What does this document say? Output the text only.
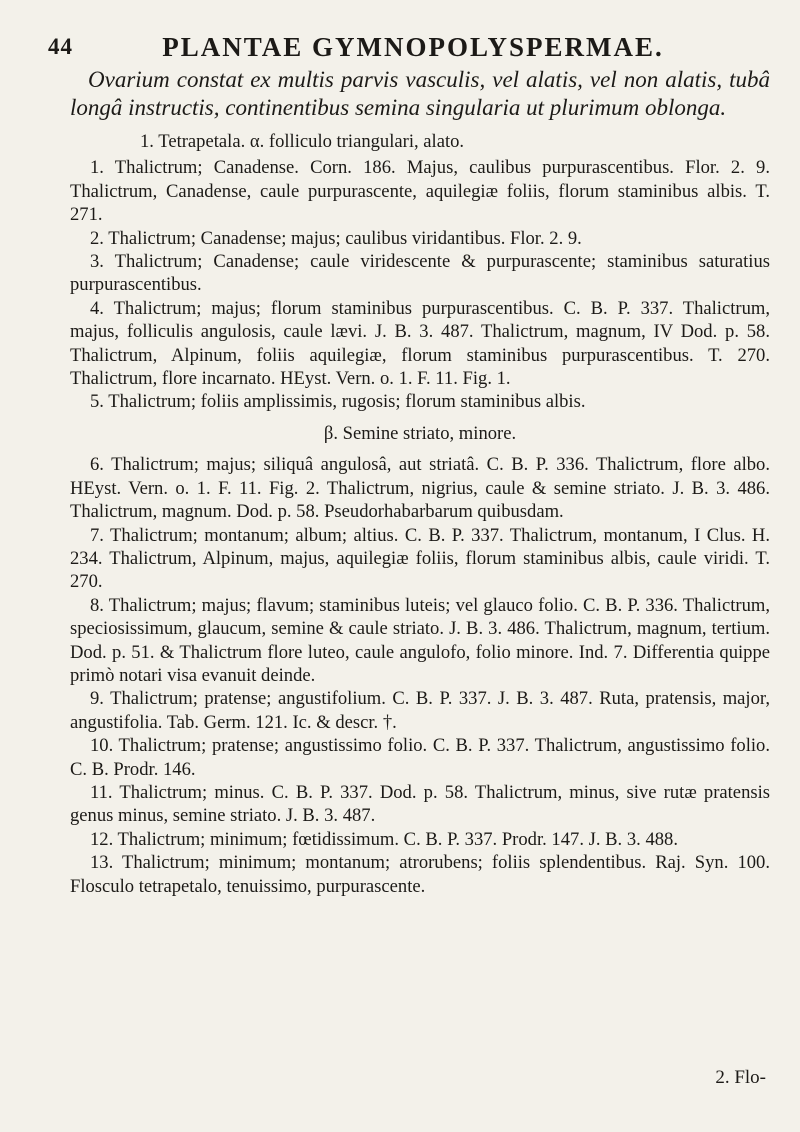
44	PLANTAE GYMNOPOLYSPERMAE.

Ovarium constat ex multis parvis vasculis, vel alatis, vel non alatis, tubâ longâ instructis, continentibus semina singularia ut plurimum oblonga.

1. Tetrapetala. α. folliculo triangulari, alato.

1. Thalictrum; Canadense. Corn. 186. Majus, caulibus purpurascentibus. Flor. 2. 9. Thalictrum, Canadense, caule purpurascente, aquilegiæ foliis, florum staminibus albis. T. 271.

2. Thalictrum; Canadense; majus; caulibus viridantibus. Flor. 2. 9.

3. Thalictrum; Canadense; caule viridescente & purpurascente; staminibus saturatius purpurascentibus.

4. Thalictrum; majus; florum staminibus purpurascentibus. C. B. P. 337. Thalictrum, majus, folliculis angulosis, caule lævi. J. B. 3. 487. Thalictrum, magnum, IV Dod. p. 58. Thalictrum, Alpinum, foliis aquilegiæ, florum staminibus purpurascentibus. T. 270. Thalictrum, flore incarnato. HEyst. Vern. o. 1. F. 11. Fig. 1.

5. Thalictrum; foliis amplissimis, rugosis; florum staminibus albis.

β. Semine striato, minore.

6. Thalictrum; majus; siliquâ angulosâ, aut striatâ. C. B. P. 336. Thalictrum, flore albo. HEyst. Vern. o. 1. F. 11. Fig. 2. Thalictrum, nigrius, caule & semine striato. J. B. 3. 486. Thalictrum, magnum. Dod. p. 58. Pseudorhabarbarum quibusdam.

7. Thalictrum; montanum; album; altius. C. B. P. 337. Thalictrum, montanum, I Clus. H. 234. Thalictrum, Alpinum, majus, aquilegiæ foliis, florum staminibus albis, caule viridi. T. 270.

8. Thalictrum; majus; flavum; staminibus luteis; vel glauco folio. C. B. P. 336. Thalictrum, speciosissimum, glaucum, semine & caule striato. J. B. 3. 486. Thalictrum, magnum, tertium. Dod. p. 51. & Thalictrum flore luteo, caule angulofo, folio minore. Ind. 7. Differentia quippe primò notari visa evanuit deinde.

9. Thalictrum; pratense; angustifolium. C. B. P. 337. J. B. 3. 487. Ruta, pratensis, major, angustifolia. Tab. Germ. 121. Ic. & descr. †.

10. Thalictrum; pratense; angustissimo folio. C. B. P. 337. Thalictrum, angustissimo folio. C. B. Prodr. 146.

11. Thalictrum; minus. C. B. P. 337. Dod. p. 58. Thalictrum, minus, sive rutæ pratensis genus minus, semine striato. J. B. 3. 487.

12. Thalictrum; minimum; fœtidissimum. C. B. P. 337. Prodr. 147. J. B. 3. 488.

13. Thalictrum; minimum; montanum; atrorubens; foliis splendentibus. Raj. Syn. 100. Flosculo tetrapetalo, tenuissimo, purpurascente.

2. Flo-
